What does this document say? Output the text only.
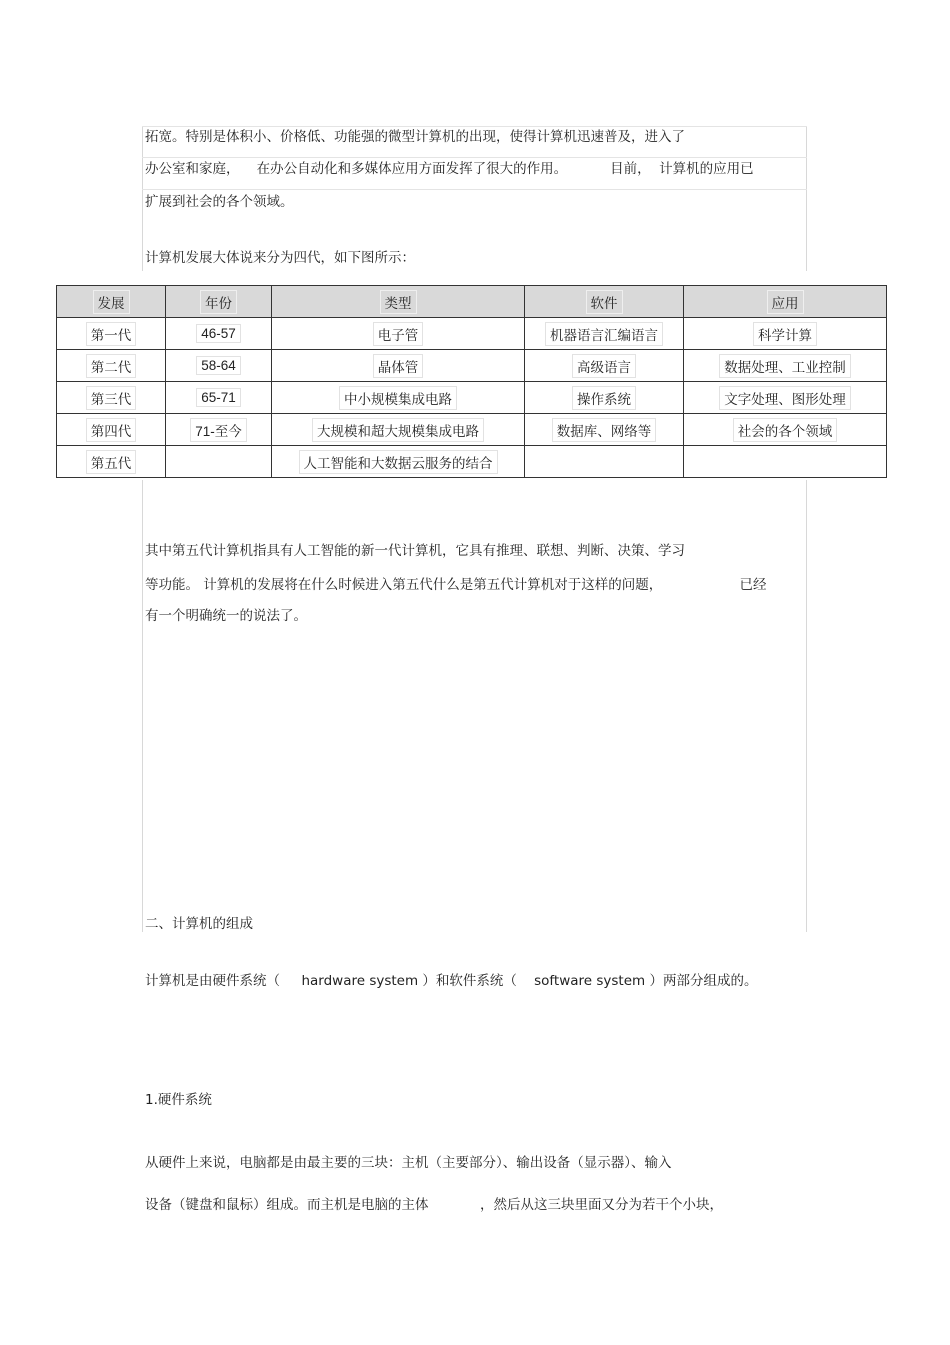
拓宽。特别是体积小、价格低、功能强的微型计算机的出现，使得计算机迅速普及，进入了
办公室和家庭，    在办公自动化和多媒体应用方面发挥了很大的作用。          目前，  计算机的应用已
扩展到社会的各个领域。
计算机发展大体说来分为四代，如下图所示：
发展	年份	类型	软件	应用
第一代	46-57	电子管	机器语言汇编语言	科学计算
第二代	58-64	晶体管	高级语言	数据处理、工业控制
第三代	65-71	中小规模集成电路	操作系统	文字处理、图形处理
第四代	71-至今	大规模和超大规模集成电路	数据库、网络等	社会的各个领域
第五代		人工智能和大数据云服务的结合		
其中第五代计算机指具有人工智能的新一代计算机，它具有推理、联想、判断、决策、学习
等功能。 计算机的发展将在什么时候进入第五代什么是第五代计算机对于这样的问题，                  已经
有一个明确统一的说法了。
二、计算机的组成
计算机是由硬件系统（     hardware system ）和软件系统（    software system ）两部分组成的。
1.硬件系统
从硬件上来说，电脑都是由最主要的三块：主机（主要部分）、输出设备（显示器）、输入
设备（键盘和鼠标）组成。而主机是电脑的主体            ，然后从这三块里面又分为若干个小块，
